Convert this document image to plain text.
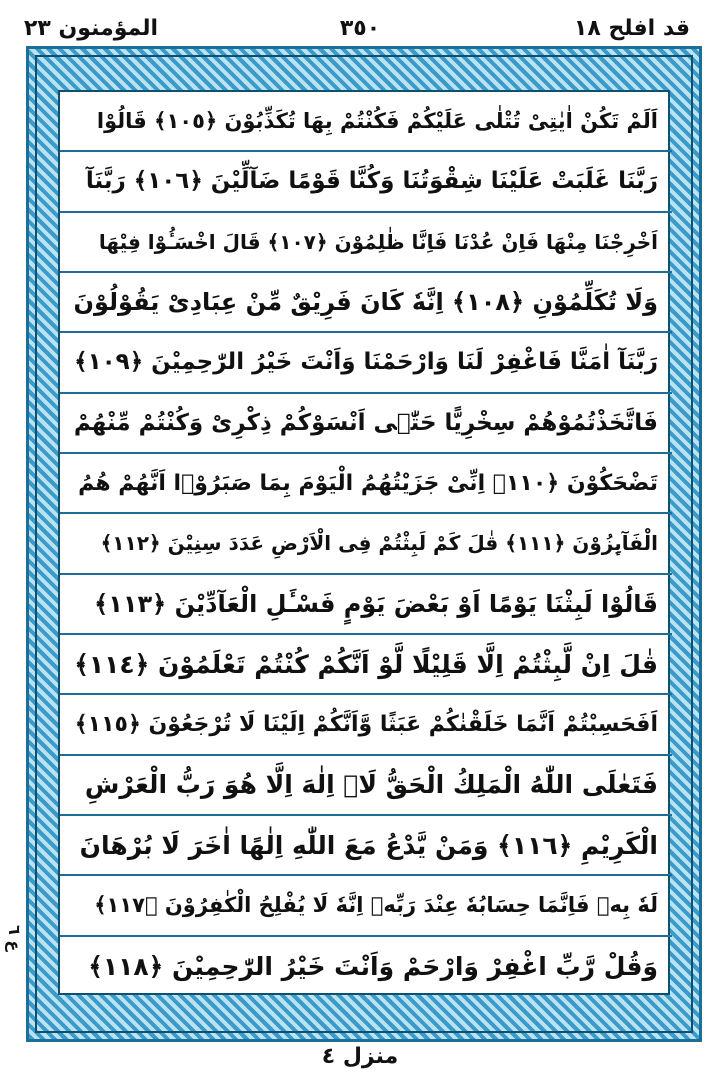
قد افلح ١٨
٣٥٠
المؤمنون ٢٣
اَلَمْ تَكُنْ اٰيٰتِیْ تُتْلٰی عَلَیْكُمْ فَكُنْتُمْ بِهَا تُكَذِّبُوْنَ ﴿١٠٥﴾ قَالُوْا
رَبَّنَا غَلَبَتْ عَلَیْنَا شِقْوَتُنَا وَكُنَّا قَوْمًا ضَآلِّیْنَ ﴿١٠٦﴾ رَبَّنَآ
اَخْرِجْنَا مِنْهَا فَاِنْ عُدْنَا فَاِنَّا ظٰلِمُوْنَ ﴿١٠٧﴾ قَالَ اخْسَـُٔوْا فِیْهَا
وَلَا تُكَلِّمُوْنِ ﴿١٠٨﴾ اِنَّهٗ كَانَ فَرِیْقٌ مِّنْ عِبَادِیْ یَقُوْلُوْنَ
رَبَّنَآ اٰمَنَّا فَاغْفِرْ لَنَا وَارْحَمْنَا وَاَنْتَ خَیْرُ الرّٰحِمِیْنَ ﴿١٠٩﴾
فَاتَّخَذْتُمُوْهُمْ سِخْرِیًّا حَتّٰۤی اَنْسَوْكُمْ ذِكْرِیْ وَكُنْتُمْ مِّنْهُمْ
تَضْحَكُوْنَ ﴿١١٠﴾ اِنِّیْ جَزَیْتُهُمُ الْیَوْمَ بِمَا صَبَرُوْۤا اَنَّهُمْ هُمُ
الْفَآىِٕزُوْنَ ﴿١١١﴾ قٰلَ كَمْ لَبِثْتُمْ فِی الْاَرْضِ عَدَدَ سِنِیْنَ ﴿١١٢﴾
قَالُوْا لَبِثْنَا یَوْمًا اَوْ بَعْضَ یَوْمٍ فَسْـَٔلِ الْعَآدِّیْنَ ﴿١١٣﴾
قٰلَ اِنْ لَّبِثْتُمْ اِلَّا قَلِیْلًا لَّوْ اَنَّكُمْ كُنْتُمْ تَعْلَمُوْنَ ﴿١١٤﴾
اَفَحَسِبْتُمْ اَنَّمَا خَلَقْنٰكُمْ عَبَثًا وَّاَنَّكُمْ اِلَیْنَا لَا تُرْجَعُوْنَ ﴿١١٥﴾
فَتَعٰلَی اللّٰهُ الْمَلِكُ الْحَقُّ لَاۤ اِلٰهَ اِلَّا هُوَ رَبُّ الْعَرْشِ
الْكَرِیْمِ ﴿١١٦﴾ وَمَنْ یَّدْعُ مَعَ اللّٰهِ اِلٰهًا اٰخَرَ لَا بُرْهَانَ
لَهٗ بِهٖ فَاِنَّمَا حِسَابُهٗ عِنْدَ رَبِّهٖ اِنَّهٗ لَا یُفْلِحُ الْكٰفِرُوْنَ ﴿١١٧﴾
وَقُلْ رَّبِّ اغْفِرْ وَارْحَمْ وَاَنْتَ خَیْرُ الرّٰحِمِیْنَ ﴿١١٨﴾
ع ٦
منزل ٤
